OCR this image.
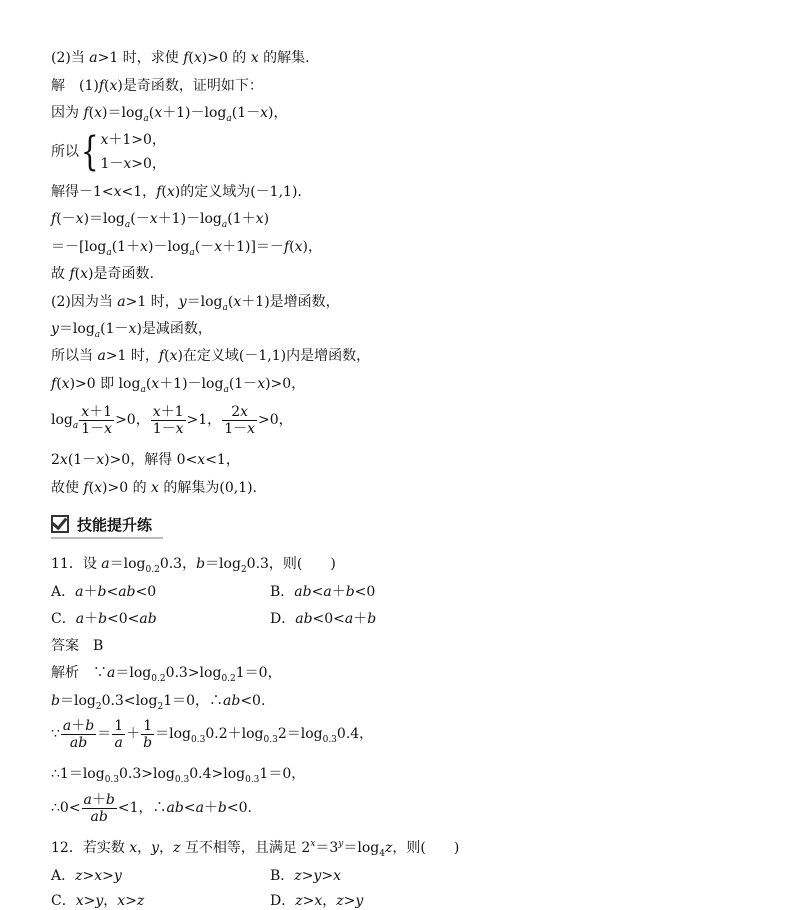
(2)当 a>1 时，求使 f(x)>0 的 x 的解集.
解　(1)f(x)是奇函数，证明如下：
因为 $f(x)=\log_a(x+1)-\log_a(1-x)$，
所以{ x＋1>0，
1－x>0，
解得－1<x<1，f(x)的定义域为(－1,1).
$f(-x)=\log_a(-x+1)-\log_a(1+x)$
$=-[\log_a(1+x)-\log_a(-x+1)]=-f(x)$，
故 f(x)是奇函数.
(2)因为当 a>1 时，$y=\log_a(x+1)$是增函数，
$y=\log_a(1-x)$是减函数，
所以当 a>1 时，f(x)在定义域(－1,1)内是增函数，
f(x)>0 即 $\log_a(x+1)-\log_a(1-x)>0$，
$\log_a \frac{x+1}{1-x} >0$， $\frac{x+1}{1-x} >1$， $\frac{2x}{1-x} >0$，
2x(1－x)>0，解得 0<x<1，
故使 f(x)>0 的 x 的解集为(0,1).
技能提升练
11．设 $a=\log_{0.2}0.3$，$b=\log_20.3$，则(　　)
A．a＋b<ab<0	B．ab<a＋b<0
C．a＋b<0<ab	D．ab<0<a＋b
答案　B
解析　$\because a=\log_{0.2}0.3>\log_{0.2}1=0$，
$b=\log_20.3<\log_21=0$，∴ab<0.
∵ $\frac{a+b}{ab} = \frac{1}{a} + \frac{1}{b} =\log_{0.3}0.2+\log_{0.3}2=\log_{0.3}0.4$，
$\therefore 1=\log_{0.3}0.3>\log_{0.3}0.4>\log_{0.3}1=0$，
∴0< $\frac{a+b}{ab} <1$，∴ab<a＋b<0.
12．若实数 x，y，z 互不相等，且满足 $2^x=3^y=\log_4z$，则(　　)
A．z>x>y	B．z>y>x
C．x>y，x>z	D．z>x，z>y
